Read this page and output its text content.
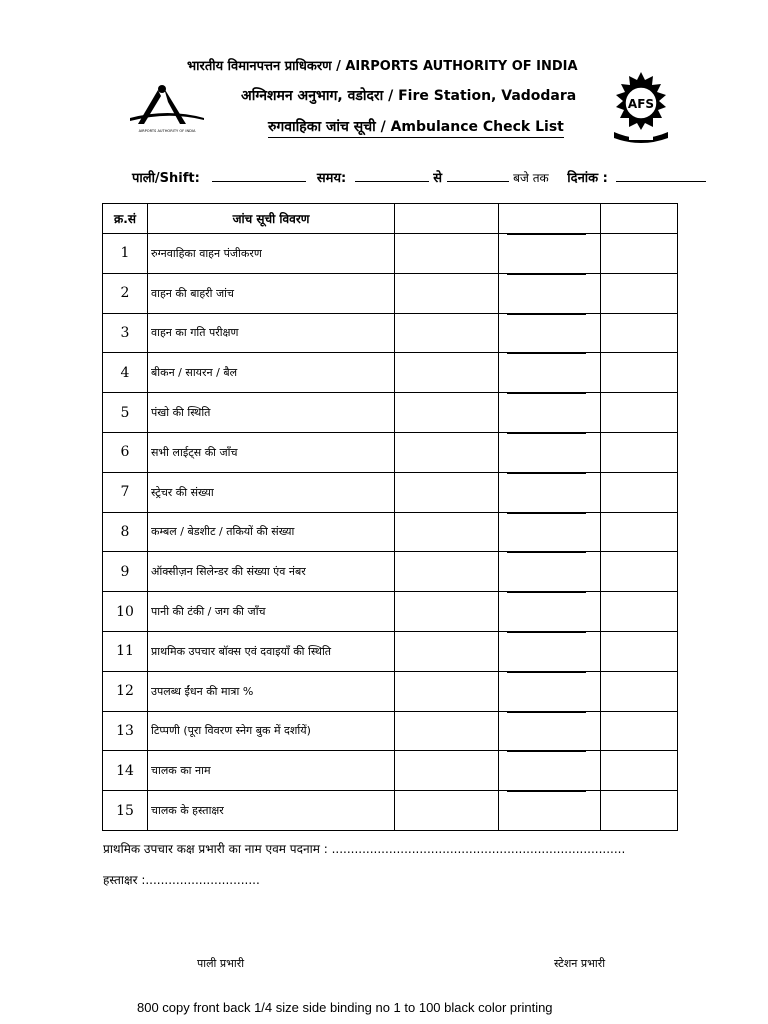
भारतीय विमानपत्तन प्राधिकरण / AIRPORTS AUTHORITY OF INDIA
अग्निशमन अनुभाग, वडोदरा / Fire Station, Vadodara
रुगवाहिका जांच सूची / Ambulance Check List
AIRPORTS AUTHORITY OF INDIA
AFS
पाली/Shift:	समय:	से	बजे तक दिनांक :
क्र.सं	जांच सूची विवरण			
1	रुग्नवाहिका वाहन पंजीकरण		

2	वाहन की बाहरी जांच		

3	वाहन का गति परीक्षण		

4	बीकन / सायरन / बैल		

5	पंखो की स्थिति		

6	सभी लाईट्स की जाँच		

7	स्ट्रेचर की संख्या		

8	कम्बल / बेडशीट / तकियों की संख्या		

9	ऑक्सीज़न सिलेन्डर की संख्या एंव नंबर		

10	पानी की टंकी / जग की जाँच		

11	प्राथमिक उपचार बॉक्स एवं दवाइयाँ की स्थिति		

12	उपलब्ध ईंधन की मात्रा %		

13	टिप्पणी (पूरा विवरण स्नेग बुक में दर्शायें)		

14	चालक का नाम		

15	चालक के हस्ताक्षर		

प्राथमिक उपचार कक्ष प्रभारी का नाम एवम पदनाम : .............................................................................
हस्ताक्षर :..............................
पाली प्रभारी	स्टेशन प्रभारी
800 copy front back 1/4 size side binding no 1 to 100 black color printing
